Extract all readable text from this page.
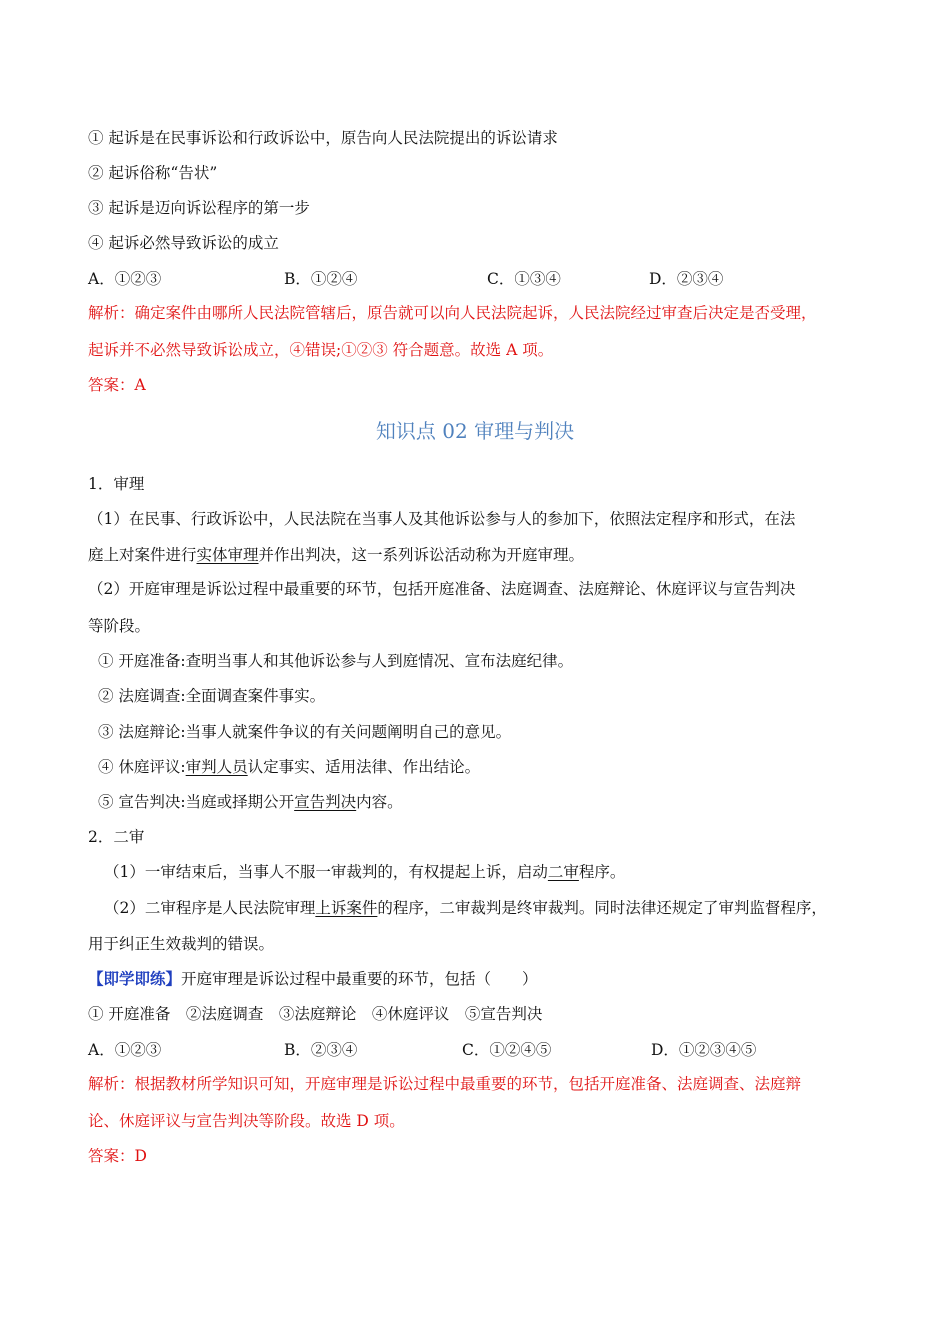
① 起诉是在民事诉讼和行政诉讼中，原告向人民法院提出的诉讼请求
② 起诉俗称“告状”
③ 起诉是迈向诉讼程序的第一步
④ 起诉必然导致诉讼的成立
A．①②③	B．①②④	C．①③④	D．②③④
解析：确定案件由哪所人民法院管辖后，原告就可以向人民法院起诉，人民法院经过审查后决定是否受理，
起诉并不必然导致诉讼成立，④错误;①②③ 符合题意。故选 A 项。
答案：A
知识点 02 审理与判决
1．审理
（1）在民事、行政诉讼中，人民法院在当事人及其他诉讼参与人的参加下，依照法定程序和形式，在法
庭上对案件进行实体审理并作出判决，这一系列诉讼活动称为开庭审理。
（2）开庭审理是诉讼过程中最重要的环节，包括开庭准备、法庭调查、法庭辩论、休庭评议与宣告判决
等阶段。
① 开庭准备:查明当事人和其他诉讼参与人到庭情况、宣布法庭纪律。
② 法庭调查:全面调查案件事实。
③ 法庭辩论:当事人就案件争议的有关问题阐明自己的意见。
④ 休庭评议:审判人员认定事实、适用法律、作出结论。
⑤ 宣告判决:当庭或择期公开宣告判决内容。
2．二审
（1）一审结束后，当事人不服一审裁判的，有权提起上诉，启动二审程序。
（2）二审程序是人民法院审理上诉案件的程序，二审裁判是终审裁判。同时法律还规定了审判监督程序，
用于纠正生效裁判的错误。
【即学即练】开庭审理是诉讼过程中最重要的环节，包括（　　）
① 开庭准备　②法庭调查　③法庭辩论　④休庭评议　⑤宣告判决
A．①②③	B．②③④	C．①②④⑤	D．①②③④⑤
解析：根据教材所学知识可知，开庭审理是诉讼过程中最重要的环节，包括开庭准备、法庭调查、法庭辩
论、休庭评议与宣告判决等阶段。故选 D 项。
答案：D
